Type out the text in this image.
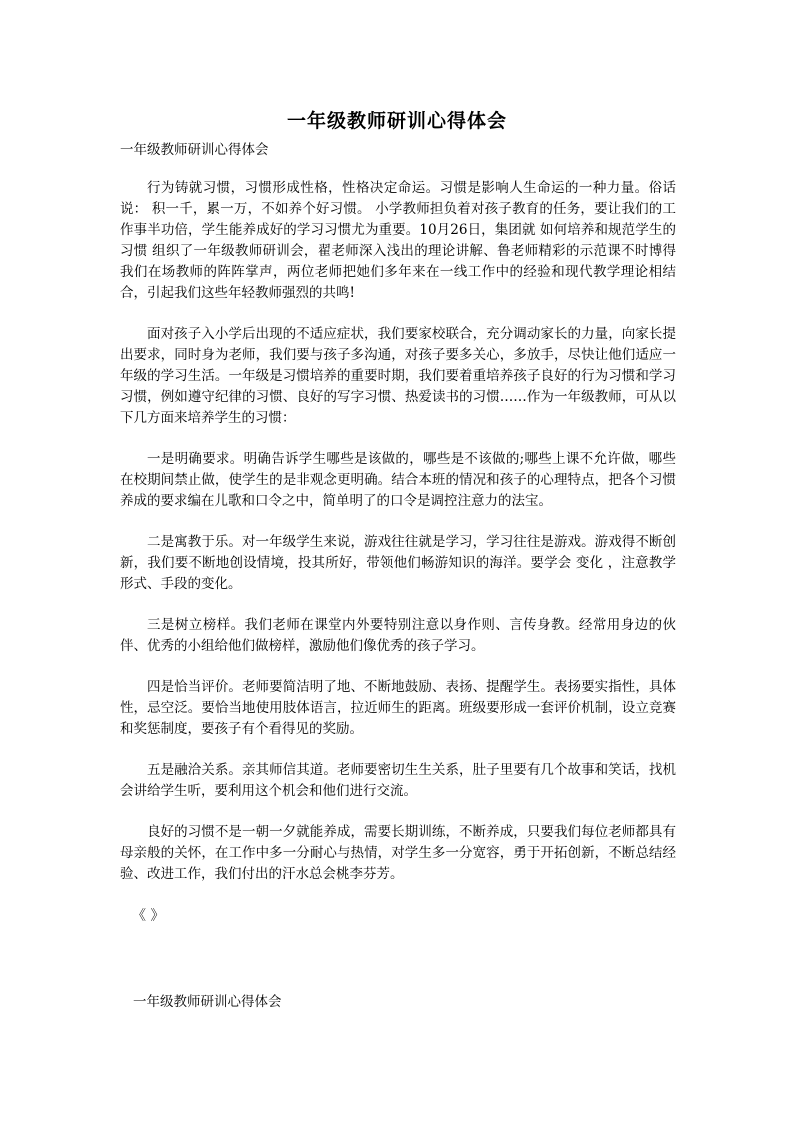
一年级教师研训心得体会
一年级教师研训心得体会

行为铸就习惯，习惯形成性格，性格决定命运。习惯是影响人生命运的一种力量。俗话说： 积一千，累一万，不如养个好习惯。 小学教师担负着对孩子教育的任务，要让我们的工作事半功倍，学生能养成好的学习习惯尤为重要。10月26日，集团就 如何培养和规范学生的习惯 组织了一年级教师研训会，翟老师深入浅出的理论讲解、鲁老师精彩的示范课不时博得我们在场教师的阵阵掌声，两位老师把她们多年来在一线工作中的经验和现代教学理论相结合，引起我们这些年轻教师强烈的共鸣!

面对孩子入小学后出现的不适应症状，我们要家校联合，充分调动家长的力量，向家长提出要求，同时身为老师，我们要与孩子多沟通，对孩子要多关心，多放手，尽快让他们适应一年级的学习生活。一年级是习惯培养的重要时期，我们要着重培养孩子良好的行为习惯和学习习惯，例如遵守纪律的习惯、良好的写字习惯、热爱读书的习惯……作为一年级教师，可从以下几方面来培养学生的习惯：

一是明确要求。明确告诉学生哪些是该做的，哪些是不该做的;哪些上课不允许做，哪些在校期间禁止做，使学生的是非观念更明确。结合本班的情况和孩子的心理特点，把各个习惯养成的要求编在儿歌和口令之中，简单明了的口令是调控注意力的法宝。

二是寓教于乐。对一年级学生来说，游戏往往就是学习，学习往往是游戏。游戏得不断创新，我们要不断地创设情境，投其所好，带领他们畅游知识的海洋。要学会 变化 ，注意教学形式、手段的变化。

三是树立榜样。我们老师在课堂内外要特别注意以身作则、言传身教。经常用身边的伙伴、优秀的小组给他们做榜样，激励他们像优秀的孩子学习。

四是恰当评价。老师要简洁明了地、不断地鼓励、表扬、提醒学生。表扬要实指性，具体性，忌空泛。要恰当地使用肢体语言，拉近师生的距离。班级要形成一套评价机制，设立竞赛和奖惩制度，要孩子有个看得见的奖励。

五是融洽关系。亲其师信其道。老师要密切生生关系，肚子里要有几个故事和笑话，找机会讲给学生听，要利用这个机会和他们进行交流。

良好的习惯不是一朝一夕就能养成，需要长期训练，不断养成，只要我们每位老师都具有母亲般的关怀，在工作中多一分耐心与热情，对学生多一分宽容，勇于开拓创新，不断总结经验、改进工作，我们付出的汗水总会桃李芬芳。

《 》
一年级教师研训心得体会
